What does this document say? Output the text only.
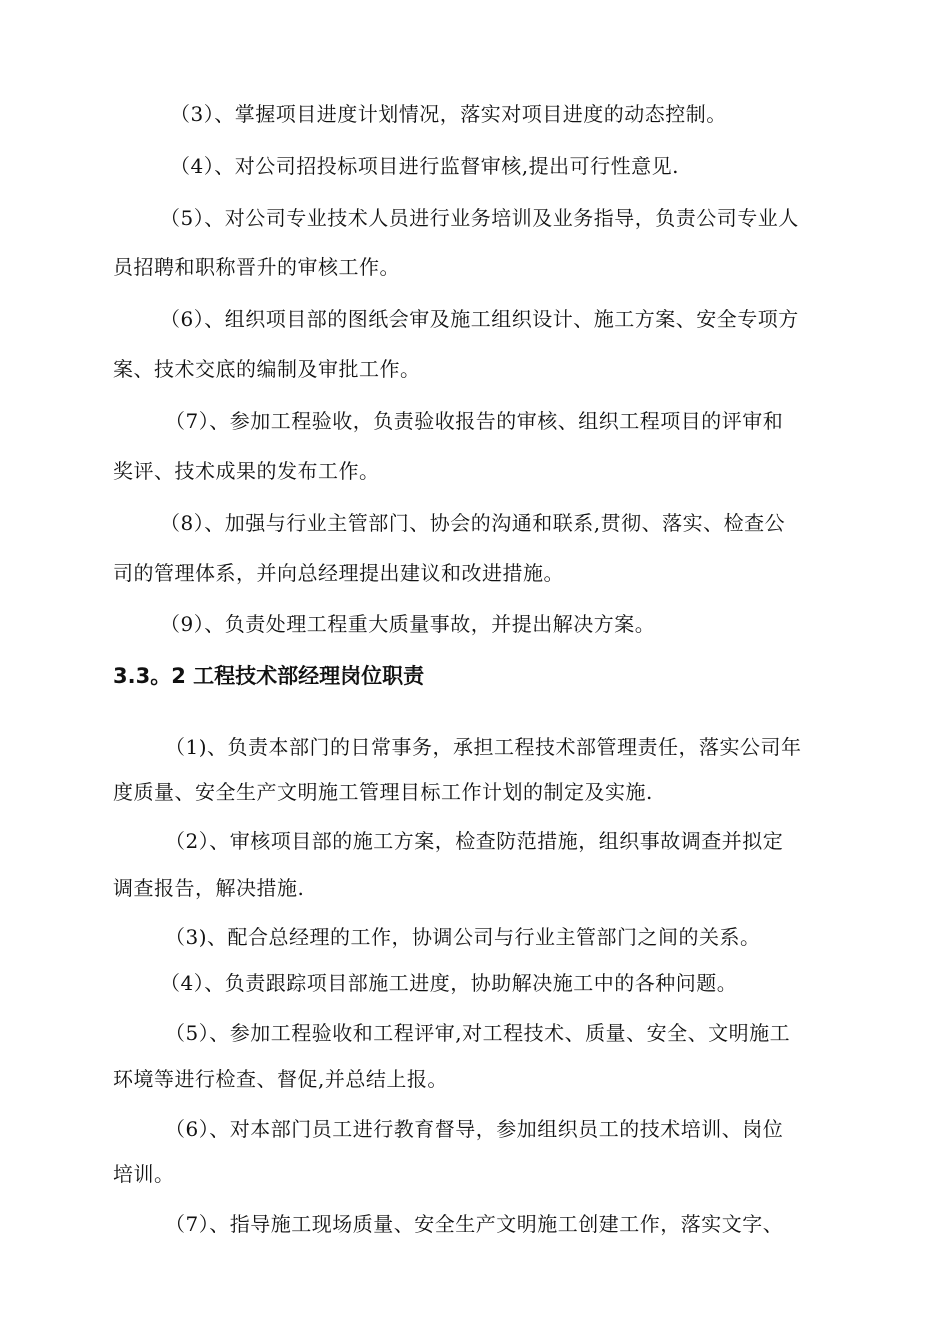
（3）、掌握项目进度计划情况，落实对项目进度的动态控制。
（4）、对公司招投标项目进行监督审核,提出可行性意见.
（5）、对公司专业技术人员进行业务培训及业务指导，负责公司专业人
员招聘和职称晋升的审核工作。
（6）、组织项目部的图纸会审及施工组织设计、施工方案、安全专项方
案、技术交底的编制及审批工作。
（7）、参加工程验收，负责验收报告的审核、组织工程项目的评审和
奖评、技术成果的发布工作。
（8）、加强与行业主管部门、协会的沟通和联系,贯彻、落实、检查公
司的管理体系，并向总经理提出建议和改进措施。
（9）、负责处理工程重大质量事故，并提出解决方案。
3.3。2 工程技术部经理岗位职责
（1)、负责本部门的日常事务，承担工程技术部管理责任，落实公司年
度质量、安全生产文明施工管理目标工作计划的制定及实施.
（2）、审核项目部的施工方案，检查防范措施，组织事故调查并拟定
调查报告，解决措施.
（3)、配合总经理的工作，协调公司与行业主管部门之间的关系。
（4）、负责跟踪项目部施工进度，协助解决施工中的各种问题。
（5）、参加工程验收和工程评审,对工程技术、质量、安全、文明施工
环境等进行检查、督促,并总结上报。
（6）、对本部门员工进行教育督导，参加组织员工的技术培训、岗位
培训。
（7）、指导施工现场质量、安全生产文明施工创建工作，落实文字、
